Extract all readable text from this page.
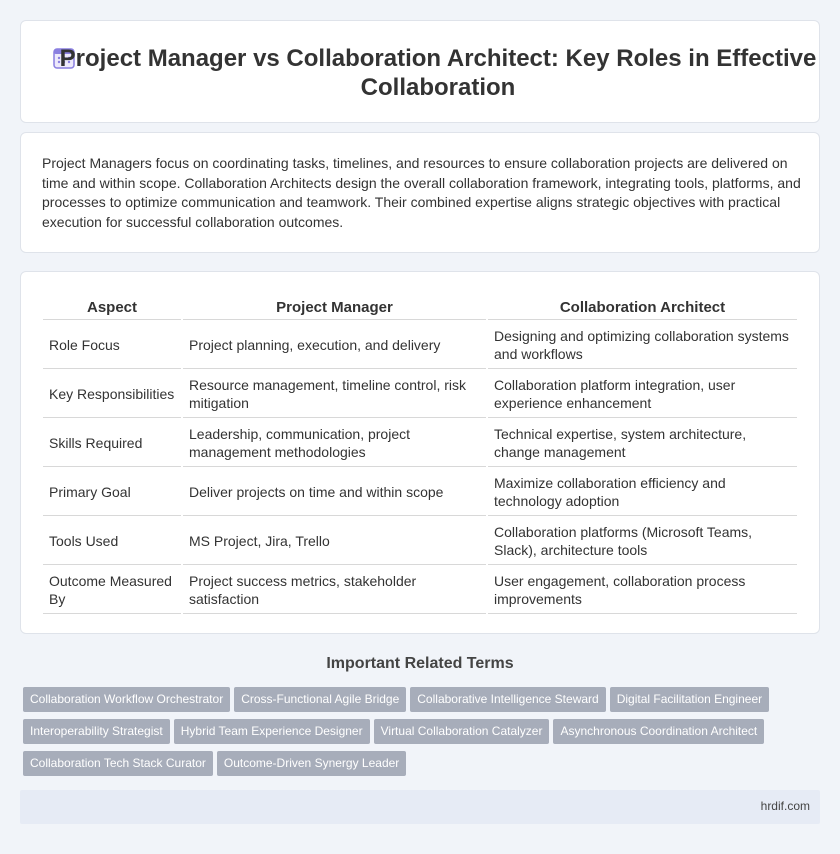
Project Manager vs Collaboration Architect: Key Roles in Effective Collaboration

Project Managers focus on coordinating tasks, timelines, and resources to ensure collaboration projects are delivered on time and within scope. Collaboration Architects design the overall collaboration framework, integrating tools, platforms, and processes to optimize communication and teamwork. Their combined expertise aligns strategic objectives with practical execution for successful collaboration outcomes.

Aspect	Project Manager	Collaboration Architect
Role Focus	Project planning, execution, and delivery	Designing and optimizing collaboration systems and workflows
Key Responsibilities	Resource management, timeline control, risk mitigation	Collaboration platform integration, user experience enhancement
Skills Required	Leadership, communication, project management methodologies	Technical expertise, system architecture, change management
Primary Goal	Deliver projects on time and within scope	Maximize collaboration efficiency and technology adoption
Tools Used	MS Project, Jira, Trello	Collaboration platforms (Microsoft Teams, Slack), architecture tools
Outcome Measured By	Project success metrics, stakeholder satisfaction	User engagement, collaboration process improvements
Important Related Terms
Collaboration Workflow Orchestrator Cross-Functional Agile Bridge Collaborative Intelligence Steward Digital Facilitation Engineer
Interoperability Strategist Hybrid Team Experience Designer Virtual Collaboration Catalyzer Asynchronous Coordination Architect
Collaboration Tech Stack Curator Outcome-Driven Synergy Leader
hrdif.com
